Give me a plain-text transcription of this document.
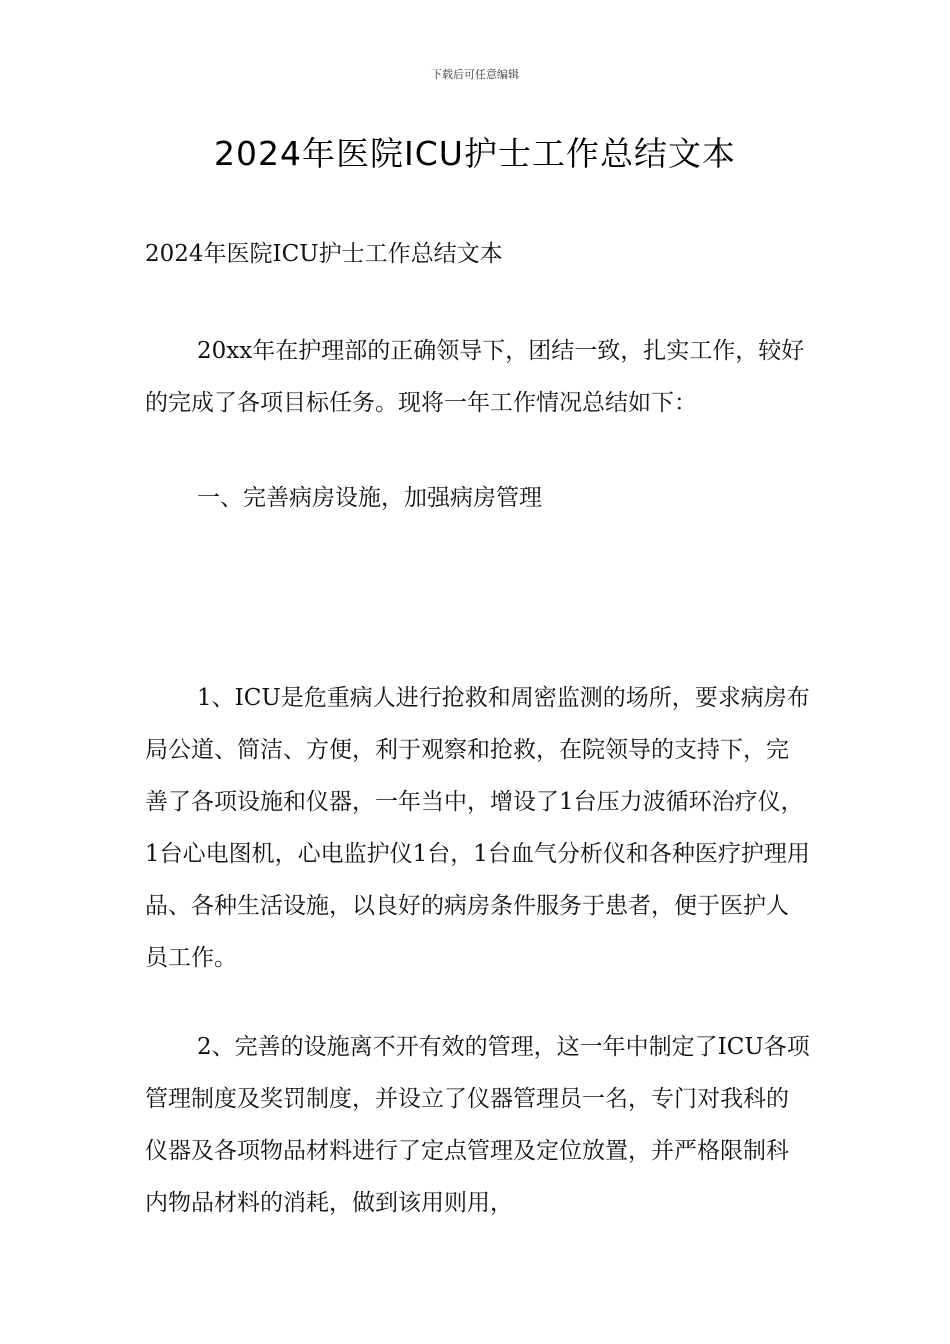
下载后可任意编辑
2024年医院ICU护士工作总结文本

2024年医院ICU护士工作总结文本

20xx年在护理部的正确领导下，团结一致，扎实工作，较好的完成了各项目标任务。现将一年工作情况总结如下：

一、完善病房设施，加强病房管理

1、ICU是危重病人进行抢救和周密监测的场所，要求病房布局公道、简洁、方便，利于观察和抢救，在院领导的支持下，完善了各项设施和仪器，一年当中，增设了1台压力波循环治疗仪，1台心电图机，心电监护仪1台，1台血气分析仪和各种医疗护理用品、各种生活设施，以良好的病房条件服务于患者，便于医护人员工作。

2、完善的设施离不开有效的管理，这一年中制定了ICU各项管理制度及奖罚制度，并设立了仪器管理员一名，专门对我科的仪器及各项物品材料进行了定点管理及定位放置，并严格限制科内物品材料的消耗，做到该用则用，
